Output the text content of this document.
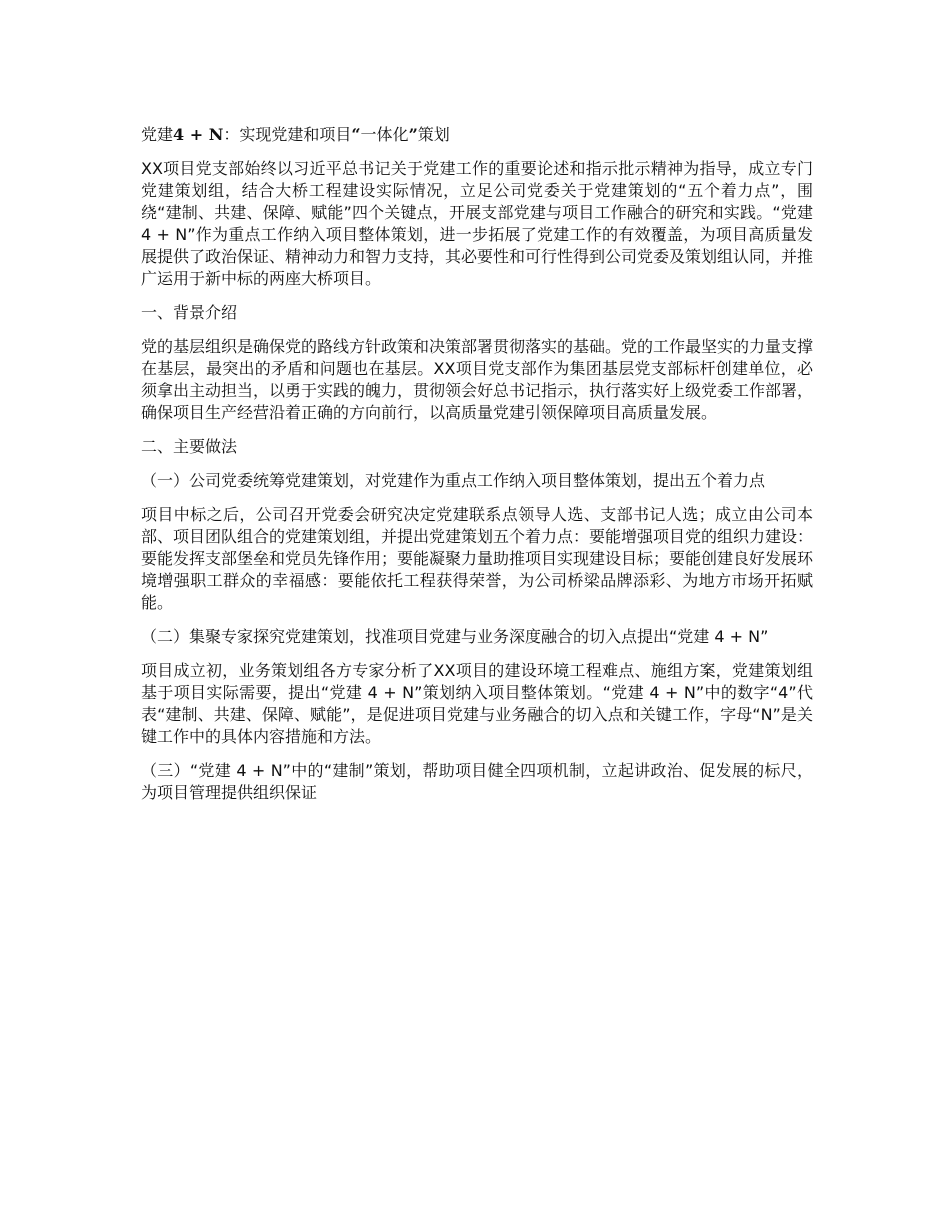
党建4 + N：实现党建和项目“一体化”策划

XX项目党支部始终以习近平总书记关于党建工作的重要论述和指示批示精神为指导，成立专门党建策划组，结合大桥工程建设实际情况，立足公司党委关于党建策划的“五个着力点”，围绕“建制、共建、保障、赋能”四个关键点，开展支部党建与项目工作融合的研究和实践。“党建 4 + N”作为重点工作纳入项目整体策划，进一步拓展了党建工作的有效覆盖，为项目高质量发展提供了政治保证、精神动力和智力支持，其必要性和可行性得到公司党委及策划组认同，并推广运用于新中标的两座大桥项目。

一、背景介绍

党的基层组织是确保党的路线方针政策和决策部署贯彻落实的基础。党的工作最坚实的力量支撑在基层，最突出的矛盾和问题也在基层。XX项目党支部作为集团基层党支部标杆创建单位，必须拿出主动担当，以勇于实践的魄力，贯彻领会好总书记指示，执行落实好上级党委工作部署，确保项目生产经营沿着正确的方向前行，以高质量党建引领保障项目高质量发展。

二、主要做法

（一）公司党委统筹党建策划，对党建作为重点工作纳入项目整体策划，提出五个着力点

项目中标之后，公司召开党委会研究决定党建联系点领导人选、支部书记人选；成立由公司本部、项目团队组合的党建策划组，并提出党建策划五个着力点：要能增强项目党的组织力建设：要能发挥支部堡垒和党员先锋作用；要能凝聚力量助推项目实现建设目标；要能创建良好发展环境增强职工群众的幸福感：要能依托工程获得荣誉，为公司桥梁品牌添彩、为地方市场开拓赋能。

（二）集聚专家探究党建策划，找准项目党建与业务深度融合的切入点提出“党建 4 + N”

项目成立初，业务策划组各方专家分析了XX项目的建设环境工程难点、施组方案，党建策划组基于项目实际需要，提出“党建 4 + N”策划纳入项目整体策划。“党建 4 + N”中的数字“4”代表“建制、共建、保障、赋能”，是促进项目党建与业务融合的切入点和关键工作，字母“N”是关键工作中的具体内容措施和方法。

（三）“党建 4 + N”中的“建制”策划，帮助项目健全四项机制，立起讲政治、促发展的标尺，为项目管理提供组织保证
